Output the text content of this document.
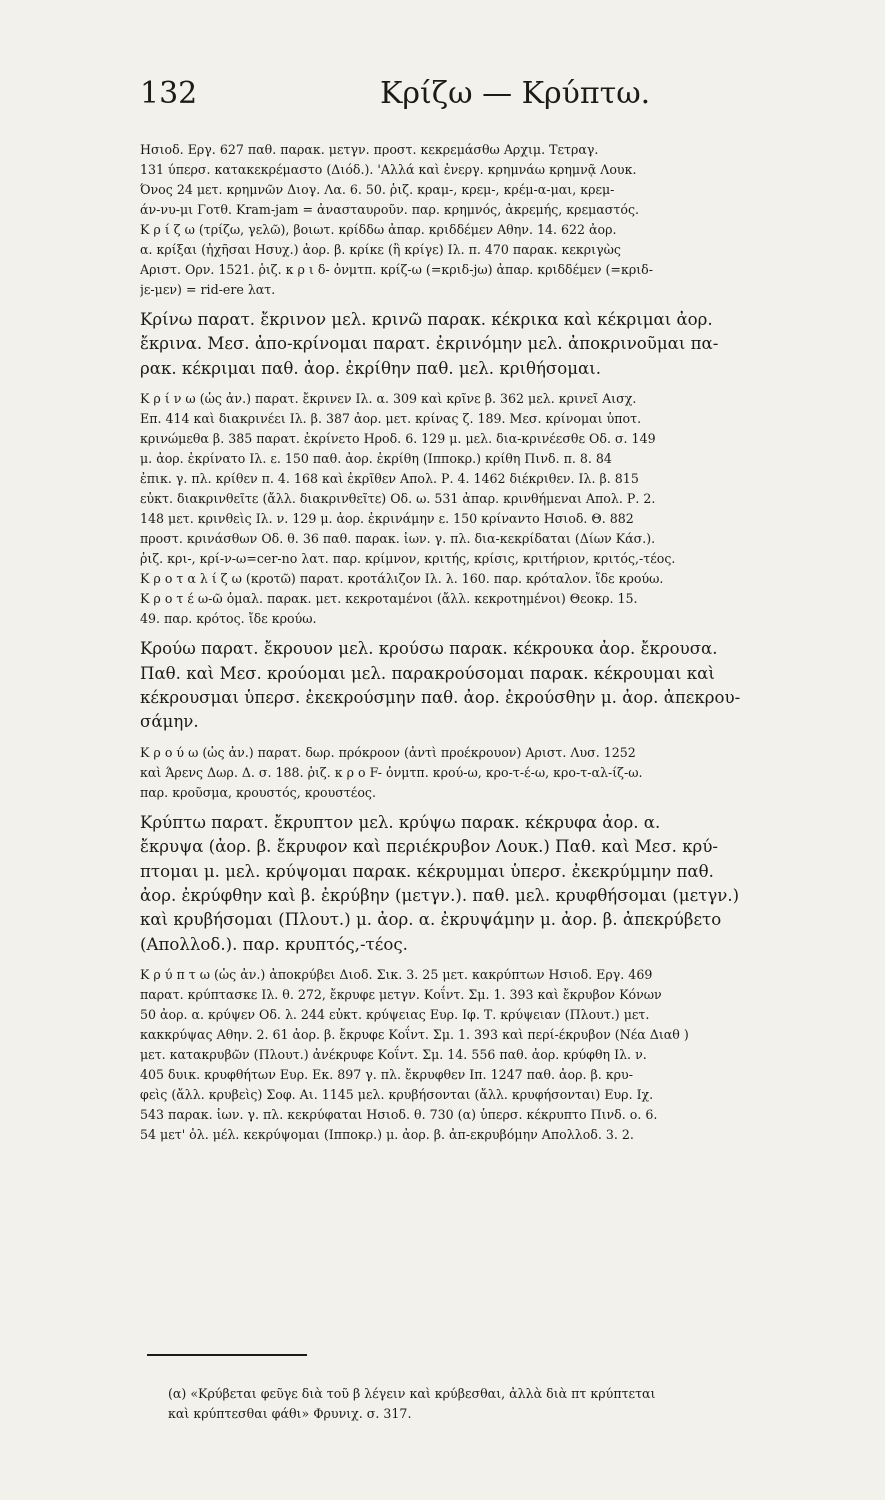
132	Κρίζω — Κρύπτω.
Ησιοδ. Εργ. 627 παθ. παρακ. μετγν. προστ. κεκρεμάσθω Αρχιμ. Τετραγ.
131 ύπερσ. κατακεκρέμαστο (Διόδ.). 'Αλλά καὶ ἐνεργ. κρημνάω κρημνᾷ Λουκ.
Όνος 24 μετ. κρημνῶν Διογ. Λα. 6. 50. ῥιζ. κραμ-, κρεμ-, κρέμ-α-μαι, κρεμ-
άν-νυ-μι Γοτθ. Kram-jam = ἀνασταυροῦν. παρ. κρημνός, ἀκρεμής, κρεμαστός.
Κ ρ ί ζ ω (τρίζω, γελῶ), βοιωτ. κρίδδω ἀπαρ. κριδδέμεν Αθην. 14. 622 ἀορ.
α. κρίξαι (ἠχῆσαι Ησυχ.) ἀορ. β. κρίκε (ἢ κρίγε) Ιλ. π. 470 παρακ. κεκριγὼς
Αριστ. Ορν. 1521. ῥιζ. κ ρ ι δ- ὀνμτπ. κρίζ-ω (=κριδ-jω) ἀπαρ. κριδδέμεν (=κριδ-
jε-μεν) = rid-ere λατ.
Κρίνω παρατ. ἔκρινον μελ. κρινῶ παρακ. κέκρικα καὶ κέκριμαι ἀορ.
ἔκρινα. Μεσ. ἀπο-κρίνομαι παρατ. ἐκρινόμην μελ. ἀποκρινοῦμαι πα-
ρακ. κέκριμαι παθ. ἀορ. ἐκρίθην παθ. μελ. κριθήσομαι.
Κ ρ ί ν ω (ὡς ἀν.) παρατ. ἔκρινεν Ιλ. α. 309 καὶ κρῖνε β. 362 μελ. κρινεῖ Αισχ.
Επ. 414 καὶ διακρινέει Ιλ. β. 387 ἀορ. μετ. κρίνας ζ. 189. Μεσ. κρίνομαι ὑποτ.
κρινώμεθα β. 385 παρατ. ἐκρίνετο Ηροδ. 6. 129 μ. μελ. δια-κρινέεσθε Οδ. σ. 149
μ. ἀορ. ἐκρίνατο Ιλ. ε. 150 παθ. ἀορ. ἐκρίθη (Ιπποκρ.) κρίθη Πινδ. π. 8. 84
ἐπικ. γ. πλ. κρίθεν π. 4. 168 καὶ ἐκρῖθεν Απολ. Ρ. 4. 1462 διέκριθεν. Ιλ. β. 815
εὐκτ. διακρινθεῖτε (ἄλλ. διακρινθεῖτε) Οδ. ω. 531 ἀπαρ. κρινθήμεναι Απολ. Ρ. 2.
148 μετ. κρινθεὶς Ιλ. ν. 129 μ. ἀορ. ἐκρινάμην ε. 150 κρίναντο Ησιοδ. Θ. 882
προστ. κρινάσθων Οδ. θ. 36 παθ. παρακ. ἰων. γ. πλ. δια-κεκρίδαται (Δίων Κάσ.).
ῥιζ. κρι-, κρί-ν-ω=cer-no λατ. παρ. κρίμνον, κριτής, κρίσις, κριτήριον, κριτός,-τέος.
Κ ρ ο τ α λ ί ζ ω (κροτῶ) παρατ. κροτάλιζον Ιλ. λ. 160. παρ. κρόταλον. ἴδε κρούω.
Κ ρ ο τ έ ω-ῶ ὁμαλ. παρακ. μετ. κεκροταμένοι (ἄλλ. κεκροτημένοι) Θεοκρ. 15.
49. παρ. κρότος. ἴδε κρούω.
Κρούω παρατ. ἔκρουον μελ. κρούσω παρακ. κέκρουκα ἀορ. ἔκρουσα.
Παθ. καὶ Μεσ. κρούομαι μελ. παρακρούσομαι παρακ. κέκρουμαι καὶ
κέκρουσμαι ὑπερσ. ἐκεκρούσμην παθ. ἀορ. ἐκρούσθην μ. ἀορ. ἀπεκρου-
σάμην.
Κ ρ ο ύ ω (ὡς ἀν.) παρατ. δωρ. πρόκροον (ἀντὶ προέκρουον) Αριστ. Λυσ. 1252
καὶ Άρενς Δωρ. Δ. σ. 188. ῥιζ. κ ρ ο F- ὀνμτπ. κρού-ω, κρο-τ-έ-ω, κρο-τ-αλ-ίζ-ω.
παρ. κροῦσμα, κρουστός, κρουστέος.
Κρύπτω παρατ. ἔκρυπτον μελ. κρύψω παρακ. κέκρυφα ἀορ. α.
ἔκρυψα (ἀορ. β. ἔκρυφον καὶ περιέκρυβον Λουκ.) Παθ. καὶ Μεσ. κρύ-
πτομαι μ. μελ. κρύψομαι παρακ. κέκρυμμαι ὑπερσ. ἐκεκρύμμην παθ.
ἀορ. ἐκρύφθην καὶ β. ἐκρύβην (μετγν.). παθ. μελ. κρυφθήσομαι (μετγν.)
καὶ κρυβήσομαι (Πλουτ.) μ. ἀορ. α. ἐκρυψάμην μ. ἀορ. β. ἀπεκρύβετο
(Απολλοδ.). παρ. κρυπτός,-τέος.
Κ ρ ύ π τ ω (ὡς ἀν.) ἀποκρύβει Διοδ. Σικ. 3. 25 μετ. κακρύπτων Ησιοδ. Εργ. 469
παρατ. κρύπτασκε Ιλ. θ. 272, ἔκρυφε μετγν. Κοΐντ. Σμ. 1. 393 καὶ ἔκρυβον Κόνων
50 ἀορ. α. κρύψεν Οδ. λ. 244 εὐκτ. κρύψειας Ευρ. Ιφ. Τ. κρύψειαν (Πλουτ.) μετ.
κακκρύψας Αθην. 2. 61 ἀορ. β. ἔκρυφε Κοΐντ. Σμ. 1. 393 καὶ περί-έκρυβον (Νέα Διαθ )
μετ. κατακρυβῶν (Πλουτ.) ἀνέκρυφε Κοΐντ. Σμ. 14. 556 παθ. ἀορ. κρύφθη Ιλ. ν.
405 δυικ. κρυφθήτων Ευρ. Εκ. 897 γ. πλ. ἔκρυφθεν Ιπ. 1247 παθ. ἀορ. β. κρυ-
φεὶς (ἄλλ. κρυβεὶς) Σοφ. Αι. 1145 μελ. κρυβήσονται (ἄλλ. κρυφήσονται) Ευρ. Ιχ.
543 παρακ. ἰων. γ. πλ. κεκρύφαται Ησιοδ. θ. 730 (α) ὑπερσ. κέκρυπτο Πινδ. ο. 6.
54 μετ' ὀλ. μέλ. κεκρύψομαι (Ιπποκρ.) μ. ἀορ. β. ἀπ-εκρυβόμην Απολλοδ. 3. 2.
(α) «Κρύβεται φεῦγε διὰ τοῦ β λέγειν καὶ κρύβεσθαι, ἀλλὰ διὰ πτ κρύπτεται
καὶ κρύπτεσθαι φάθι» Φρυνιχ. σ. 317.
